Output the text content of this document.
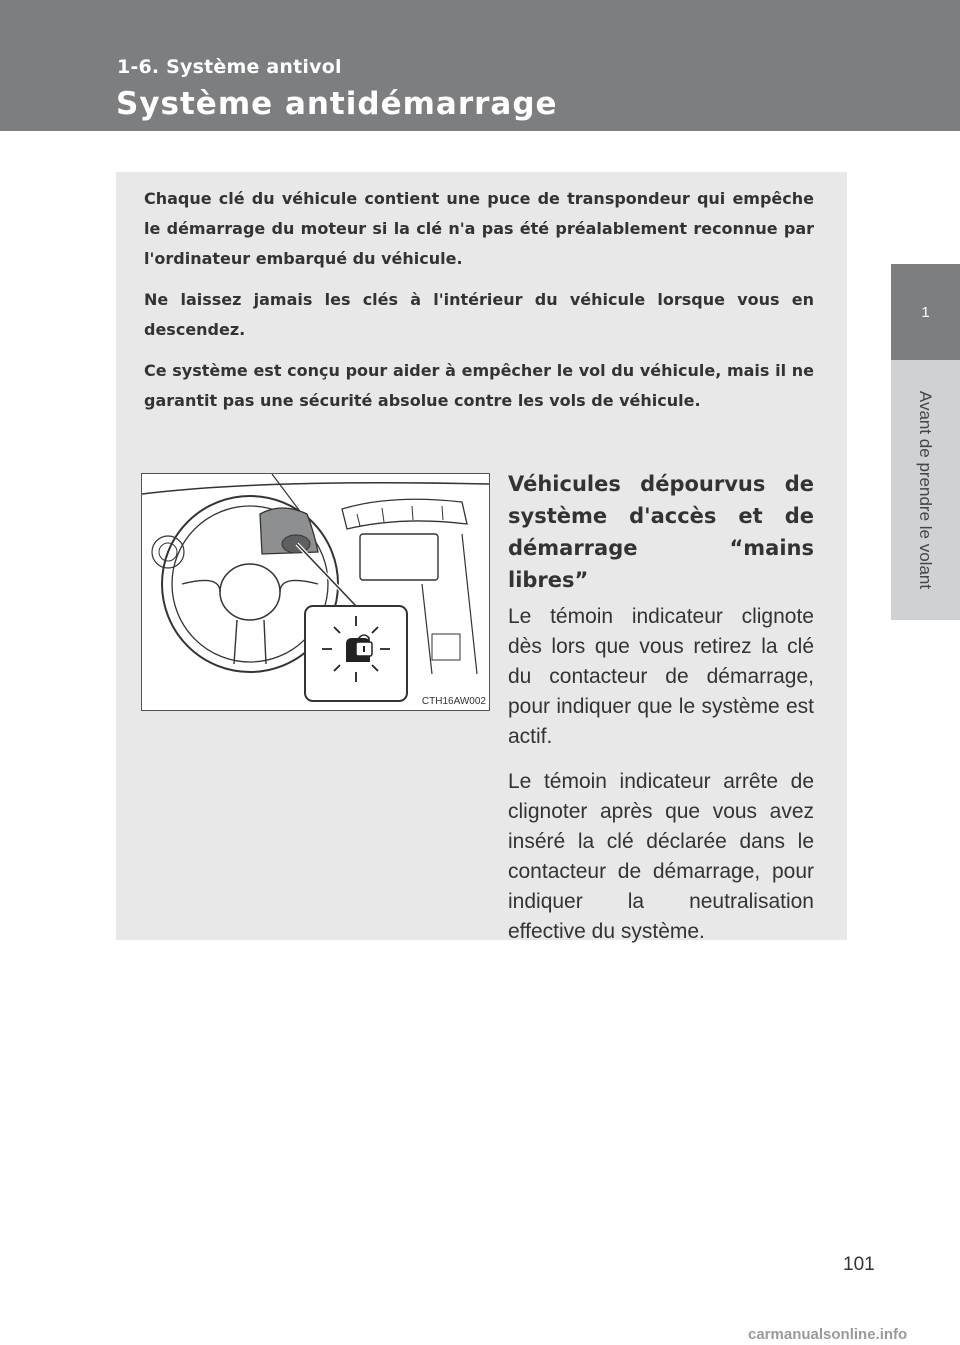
1-6. Système antivol
Système antidémarrage
1
Avant de prendre le volant

Chaque clé du véhicule contient une puce de transpondeur qui empêche le démarrage du moteur si la clé n'a pas été préalablement reconnue par l'ordinateur embarqué du véhicule.

Ne laissez jamais les clés à l'intérieur du véhicule lorsque vous en descendez.

Ce système est conçu pour aider à empêcher le vol du véhicule, mais il ne garantit pas une sécurité absolue contre les vols de véhicule.

CTH16AW002
Véhicules dépourvus de système d'accès et de démarrage “mains libres”

Le témoin indicateur clignote dès lors que vous retirez la clé du contacteur de démarrage, pour indiquer que le système est actif.

Le témoin indicateur arrête de clignoter après que vous avez inséré la clé déclarée dans le contacteur de démarrage, pour indiquer la neutralisation effective du système.

101
carmanualsonline.info
